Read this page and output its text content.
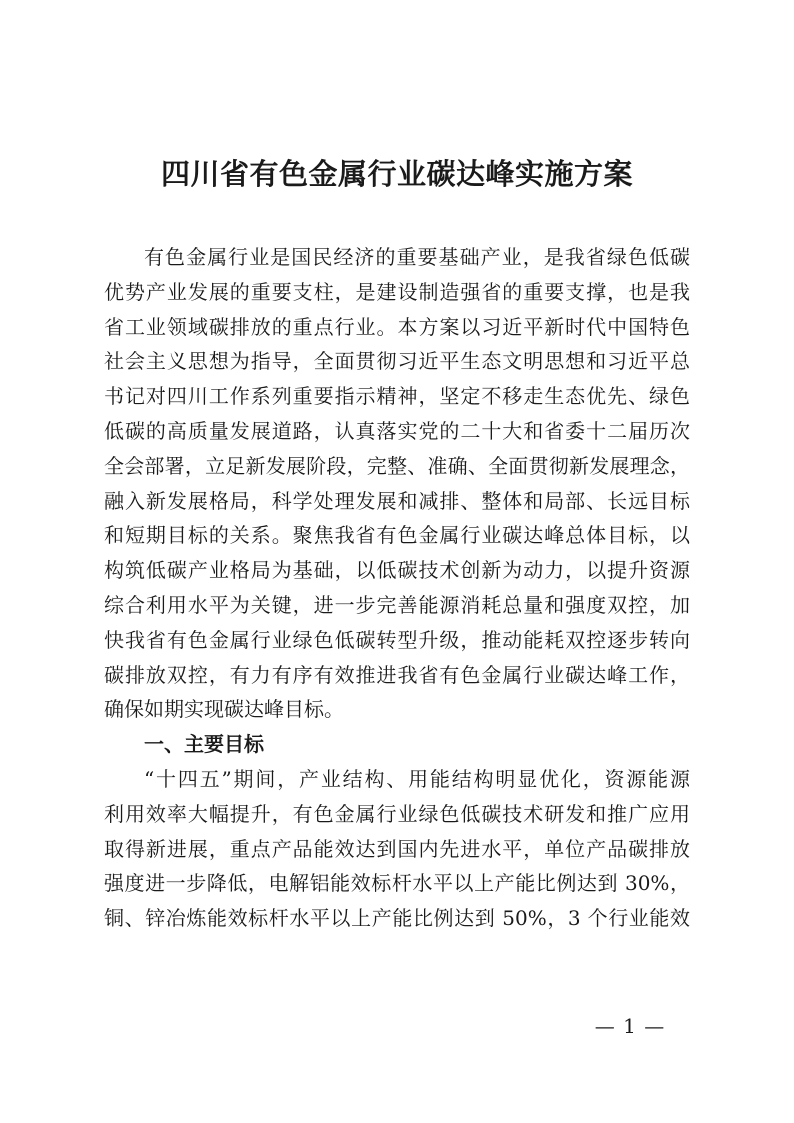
四川省有色金属行业碳达峰实施方案
有色金属行业是国民经济的重要基础产业，是我省绿色低碳
优势产业发展的重要支柱，是建设制造强省的重要支撑，也是我
省工业领域碳排放的重点行业。本方案以习近平新时代中国特色
社会主义思想为指导，全面贯彻习近平生态文明思想和习近平总
书记对四川工作系列重要指示精神，坚定不移走生态优先、绿色
低碳的高质量发展道路，认真落实党的二十大和省委十二届历次
全会部署，立足新发展阶段，完整、准确、全面贯彻新发展理念，
融入新发展格局，科学处理发展和减排、整体和局部、长远目标
和短期目标的关系。聚焦我省有色金属行业碳达峰总体目标，以
构筑低碳产业格局为基础，以低碳技术创新为动力，以提升资源
综合利用水平为关键，进一步完善能源消耗总量和强度双控，加
快我省有色金属行业绿色低碳转型升级，推动能耗双控逐步转向
碳排放双控，有力有序有效推进我省有色金属行业碳达峰工作，
确保如期实现碳达峰目标。
一、主要目标
“十四五”期间，产业结构、用能结构明显优化，资源能源
利用效率大幅提升，有色金属行业绿色低碳技术研发和推广应用
取得新进展，重点产品能效达到国内先进水平，单位产品碳排放
强度进一步降低，电解铝能效标杆水平以上产能比例达到 30%，
铜、锌冶炼能效标杆水平以上产能比例达到 50%，3 个行业能效
— 1 —
